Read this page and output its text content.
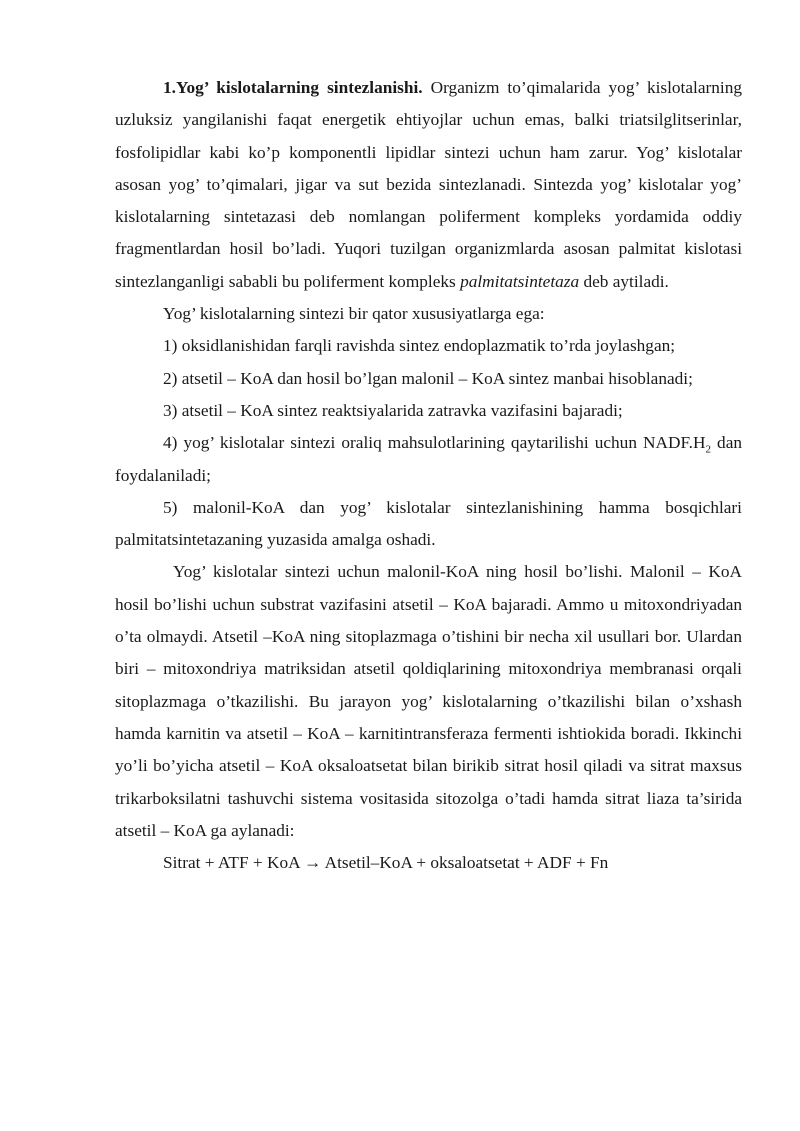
1.Yog’ kislotalarning sintezlanishi. Organizm to’qimalarida yog’ kislotalarning uzluksiz yangilanishi faqat energetik ehtiyojlar uchun emas, balki triatsilglitserinlar, fosfolipidlar kabi ko’p komponentli lipidlar sintezi uchun ham zarur. Yog’ kislotalar asosan yog’ to’qimalari, jigar va sut bezida sintezlanadi. Sintezda yog’ kislotalar yog’ kislotalarning sintetazasi deb nomlangan poliferment kompleks yordamida oddiy fragmentlardan hosil bo’ladi. Yuqori tuzilgan organizmlarda asosan palmitat kislotasi sintezlanganligi sababli bu poliferment kompleks palmitatsintetaza deb aytiladi.

Yog’ kislotalarning sintezi bir qator xususiyatlarga ega:

1) oksidlanishidan farqli ravishda sintez endoplazmatik to’rda joylashgan;

2) atsetil – KoA dan hosil bo’lgan malonil – KoA sintez manbai hisoblanadi;

3) atsetil – KoA sintez reaktsiyalarida zatravka vazifasini bajaradi;

4) yog’ kislotalar sintezi oraliq mahsulotlarining qaytarilishi uchun $NADF.H_2$ dan foydalaniladi;

5) malonil-KoA dan yog’ kislotalar sintezlanishining hamma bosqichlari palmitatsintetazaning yuzasida amalga oshadi.

Yog’ kislotalar sintezi uchun malonil-KoA ning hosil bo’lishi. Malonil – KoA hosil bo’lishi uchun substrat vazifasini atsetil – KoA bajaradi. Ammo u mitoxondriyadan o’ta olmaydi. Atsetil –KoA ning sitoplazmaga o’tishini bir necha xil usullari bor. Ulardan biri – mitoxondriya matriksidan atsetil qoldiqlarining mitoxondriya membranasi orqali sitoplazmaga o’tkazilishi. Bu jarayon yog’ kislotalarning o’tkazilishi bilan o’xshash hamda karnitin va atsetil – KoA – karnitintransferaza fermenti ishtiokida boradi. Ikkinchi yo’li bo’yicha atsetil – KoA oksaloatsetat bilan birikib sitrat hosil qiladi va sitrat maxsus trikarboksilatni tashuvchi sistema vositasida sitozolga o’tadi hamda sitrat liaza ta’sirida atsetil – KoA ga aylanadi:

Sitrat + ATF + KoA → Atsetil–KoA + oksaloatsetat + ADF + Fn
